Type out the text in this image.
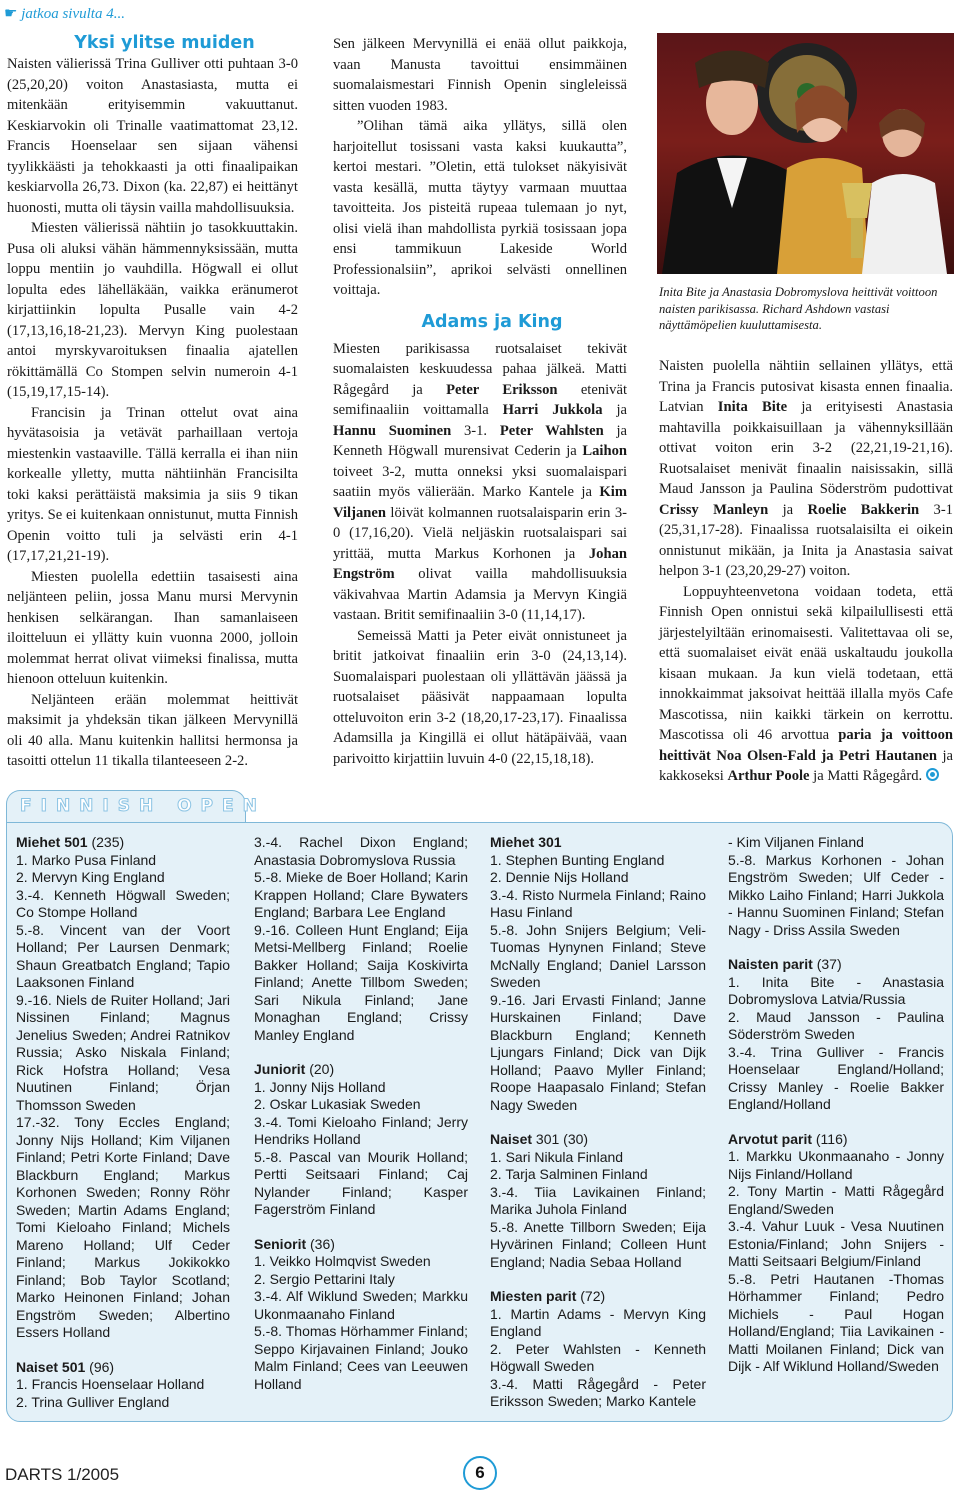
☛ jatkoa sivulta 4...

Yksi ylitse muiden

Naisten välierissä Trina Gulliver otti puhtaan 3-0 (25,20,20) voiton Anastasiasta, mutta ei mitenkään erityisemmin vakuuttanut. Keskiarvokin oli Trinalle vaatimattomat 23,12. Francis Hoenselaar sen sijaan vähensi tyylikkäästi ja tehokkaasti ja otti finaalipaikan keskiarvolla 26,73. Dixon (ka. 22,87) ei heittänyt huonosti, mutta oli täysin vailla mahdollisuuksia.

Miesten välierissä nähtiin jo tasokkuuttakin. Pusa oli aluksi vähän hämmennyksissään, mutta loppu mentiin jo vauhdilla. Högwall ei ollut lopulta edes lähelläkään, vaikka eränumerot kirjattiinkin lopulta Pusalle vain 4-2 (17,13,16,18-21,23). Mervyn King puolestaan antoi myrskyvaroituksen finaalia ajatellen rökittämällä Co Stompen selvin numeroin 4-1 (15,19,17,15-14).

Francisin ja Trinan ottelut ovat aina hyvätasoisia ja vetävät parhaillaan vertoja miestenkin vastaaville. Tällä kerralla ei ihan niin korkealle ylletty, mutta nähtiinhän Francisilta toki kaksi perättäistä maksimia ja siis 9 tikan yritys. Se ei kuitenkaan onnistunut, mutta Finnish Openin voitto tuli ja selvästi erin 4-1 (17,17,21,21-19).

Miesten puolella edettiin tasaisesti aina neljänteen peliin, jossa Manu mursi Mervynin henkisen selkärangan. Ihan samanlaiseen iloitteluun ei yllätty kuin vuonna 2000, jolloin molemmat herrat olivat viimeksi finalissa, mutta hienoon otteluun kuitenkin.

Neljänteen erään molemmat heittivät maksimit ja yhdeksän tikan jälkeen Mervynillä oli 40 alla. Manu kuitenkin hallitsi hermonsa ja tasoitti ottelun 11 tikalla tilanteeseen 2-2.

Sen jälkeen Mervynillä ei enää ollut paikkoja, vaan Manusta tavoittui ensimmäinen suomalaismestari Finnish Openin singleleissä sitten vuoden 1983.

”Olihan tämä aika yllätys, sillä olen harjoitellut tosissani vasta kaksi kuukautta”, kertoi mestari. ”Oletin, että tulokset näkyisivät vasta kesällä, mutta täytyy varmaan muuttaa tavoitteita. Jos pisteitä rupeaa tulemaan jo nyt, olisi vielä ihan mahdollista pyrkiä tosissaan jopa ensi tammikuun Lakeside World Professionalsiin”, aprikoi selvästi onnellinen voittaja.

Adams ja King

Miesten parikisassa ruotsalaiset tekivät suomalaisten keskuudessa pahaa jälkeä. Matti Rågegård ja Peter Eriksson etenivät semifinaaliin voittamalla Harri Jukkola ja Hannu Suominen 3-1. Peter Wahlsten ja Kenneth Högwall murensivat Cederin ja Laihon toiveet 3-2, mutta onneksi yksi suomalaispari saatiin myös välierään. Marko Kantele ja Kim Viljanen löivät kolmannen ruotsalaisparin erin 3-0 (17,16,20). Vielä neljäskin ruotsalaispari sai yrittää, mutta Markus Korhonen ja Johan Engström olivat vailla mahdollisuuksia väkivahvaa Martin Adamsia ja Mervyn Kingiä vastaan. Britit semifinaaliin 3-0 (11,14,17).

Semeissä Matti ja Peter eivät onnistuneet ja britit jatkoivat finaaliin erin 3-0 (24,13,14). Suomalaispari puolestaan oli yllättävän jäässä ja ruotsalaiset pääsivät nappaamaan lopulta otteluvoiton erin 3-2 (18,20,17-23,17). Finaalissa Adamsilla ja Kingillä ei ollut hätäpäivää, vaan parivoitto kirjattiin luvuin 4-0 (22,15,18,18).

Inita Bite ja Anastasia Dobromyslova heittivät voittoon naisten parikisassa. Richard Ashdown vastasi näyttämöpelien kuuluttamisesta.

Naisten puolella nähtiin sellainen yllätys, että Trina ja Francis putosivat kisasta ennen finaalia.

Latvian Inita Bite ja erityisesti Anastasia mahtavilla poikkaisuillaan ja vähennyksillään ottivat voiton erin 3-2 (22,21,19-21,16). Ruotsalaiset menivät finaalin naisissakin, sillä Maud Jansson ja Paulina Söderström pudottivat Crissy Manleyn ja Roelie Bakkerin 3-1 (25,31,17-28). Finaalissa ruotsalaisilta ei oikein onnistunut mikään, ja Inita ja Anastasia saivat helpon 3-1 (23,20,29-27) voiton.

Loppuyhteenvetona voidaan todeta, että Finnish Open onnistui sekä kilpailullisesti että järjestelyiltään erinomaisesti. Valitettavaa oli se, että suomalaiset eivät enää uskaltaudu joukolla kisaan mukaan. Ja kun vielä todetaan, että innokkaimmat jaksoivat heittää illalla myös Cafe Mascotissa, niin kaikki tärkein on kerrottu. Mascotissa oli 46 arvottua paria ja voittoon heittivät Noa Olsen-Fald ja Petri Hautanen ja kakkoseksi Arthur Poole ja Matti Rågegård.

FINNISH OPEN

Miehet 501 (235)

1. Marko Pusa Finland
2. Mervyn King England
3.-4. Kenneth Högwall Sweden; Co Stompe Holland
5.-8. Vincent van der Voort Holland; Per Laursen Denmark; Shaun Greatbatch England; Tapio Laaksonen Finland
9.-16. Niels de Ruiter Holland; Jari Nissinen Finland; Magnus Jenelius Sweden; Andrei Ratnikov Russia; Asko Niskala Finland; Rick Hofstra Holland; Vesa Nuutinen Finland; Örjan Thomsson Sweden
17.-32. Tony Eccles England; Jonny Nijs Holland; Kim Viljanen Finland; Petri Korte Finland; Dave Blackburn England; Markus Korhonen Sweden; Ronny Röhr Sweden; Martin Adams England; Tomi Kieloaho Finland; Michels Mareno Holland; Ulf Ceder Finland; Markus Jokikokko Finland; Bob Taylor Scotland; Marko Heinonen Finland; Johan Engström Sweden; Albertino Essers Holland

Naiset 501 (96)

1. Francis Hoenselaar Holland
2. Trina Gulliver England

3.-4. Rachel Dixon England; Anastasia Dobromyslova Russia
5.-8. Mieke de Boer Holland; Karin Krappen Holland; Clare Bywaters England; Barbara Lee England
9.-16. Colleen Hunt England; Eija Metsi-Mellberg Finland; Roelie Bakker Holland; Saija Koskivirta Finland; Anette Tillbom Sweden; Sari Nikula Finland; Jane Monaghan England; Crissy Manley England

Juniorit (20)

1. Jonny Nijs Holland
2. Oskar Lukasiak Sweden
3.-4. Tomi Kieloaho Finland; Jerry Hendriks Holland
5.-8. Pascal van Mourik Holland; Pertti Seitsaari Finland; Caj Nylander Finland; Kasper Fagerström Finland

Seniorit (36)

1. Veikko Holmqvist Sweden
2. Sergio Pettarini Italy
3.-4. Alf Wiklund Sweden; Markku Ukonmaanaho Finland
5.-8. Thomas Hörhammer Finland; Seppo Kirjavainen Finland; Jouko Malm Finland; Cees van Leeuwen Holland

Miehet 301

1. Stephen Bunting England
2. Dennie Nijs Holland
3.-4. Risto Nurmela Finland; Raino Hasu Finland
5.-8. John Snijers Belgium; Veli-Tuomas Hynynen Finland; Steve McNally England; Daniel Larsson Sweden
9.-16. Jari Ervasti Finland; Janne Hurskainen Finland; Dave Blackburn England; Kenneth Ljungars Finland; Dick van Dijk Holland; Paavo Myller Finland; Roope Haapasalo Finland; Stefan Nagy Sweden

Naiset 301 (30)

1. Sari Nikula Finland
2. Tarja Salminen Finland
3.-4. Tiia Lavikainen Finland; Marika Juhola Finland
5.-8. Anette Tillborn Sweden; Eija Hyvärinen Finland; Colleen Hunt England; Nadia Sebaa Holland

Miesten parit (72)

1. Martin Adams - Mervyn King England
2. Peter Wahlsten - Kenneth Högwall Sweden
3.-4. Matti Rågegård - Peter Eriksson Sweden; Marko Kantele

- Kim Viljanen Finland
5.-8. Markus Korhonen - Johan Engström Sweden; Ulf Ceder - Mikko Laiho Finland; Harri Jukkola - Hannu Suominen Finland; Stefan Nagy - Driss Assila Sweden

Naisten parit (37)

1. Inita Bite - Anastasia Dobromyslova Latvia/Russia
2. Maud Jansson - Paulina Söderström Sweden
3.-4. Trina Gulliver - Francis Hoenselaar England/Holland; Crissy Manley - Roelie Bakker England/Holland

Arvotut parit (116)

1. Markku Ukonmaanaho - Jonny Nijs Finland/Holland
2. Tony Martin - Matti Rågegård England/Sweden
3.-4. Vahur Luuk - Vesa Nuutinen Estonia/Finland; John Snijers - Matti Seitsaari Belgium/Finland
5.-8. Petri Hautanen -Thomas Hörhammer Finland; Pedro Michiels - Paul Hogan Holland/England; Tiia Lavikainen - Matti Moilanen Finland; Dick van Dijk - Alf Wiklund Holland/Sweden

DARTS 1/2005	6
